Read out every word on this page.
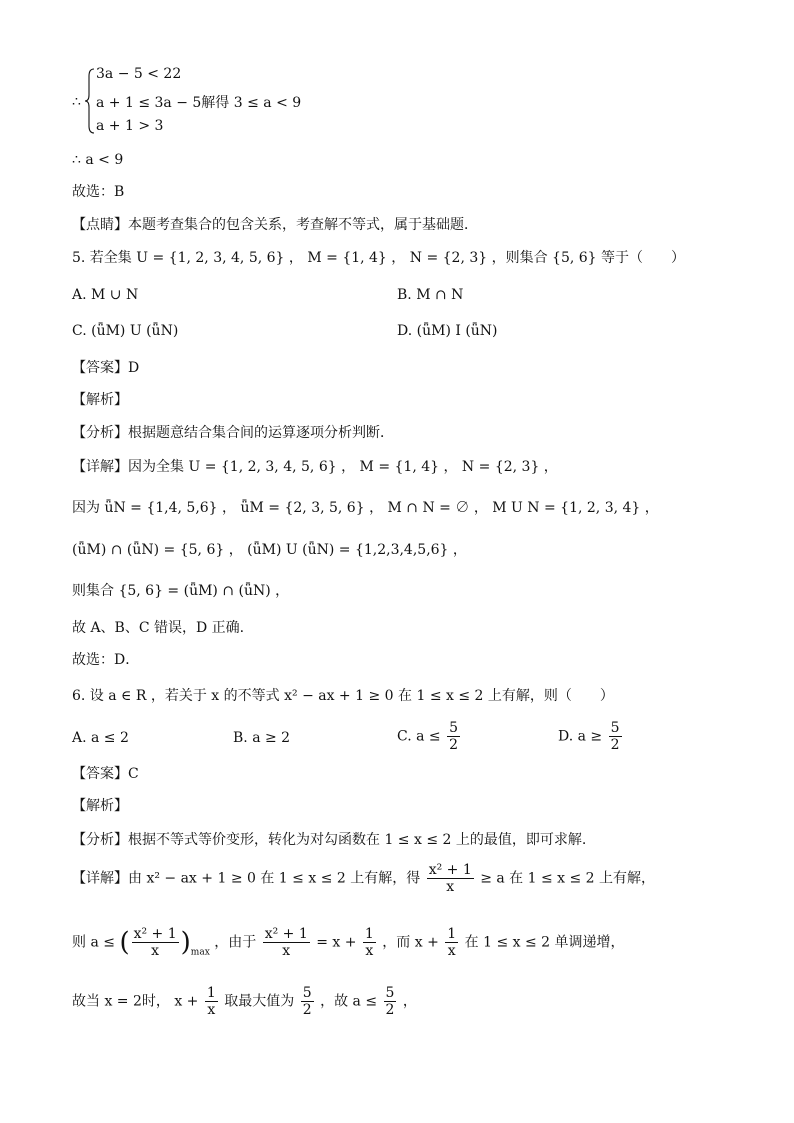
∴
3a − 5 < 22
a + 1 ≤ 3a − 5解得 3 ≤ a < 9
a + 1 > 3
∴ a < 9
故选：B
【点睛】本题考查集合的包含关系，考查解不等式，属于基础题．
5. 若全集 U = {1, 2, 3, 4, 5, 6} ， M = {1, 4} ， N = {2, 3} ，则集合 {5, 6} 等于（　　）
A. M ∪ N	B. M ∩ N
C. (ǖM) U (ǖN)	D. (ǖM) I (ǖN)
【答案】D
【解析】
【分析】根据题意结合集合间的运算逐项分析判断．
【详解】因为全集 U = {1, 2, 3, 4, 5, 6} ， M = {1, 4} ， N = {2, 3} ，
因为 ǖN = {1,4, 5,6} ， ǖM = {2, 3, 5, 6} ， M ∩ N = ∅ ， M U N = {1, 2, 3, 4} ，
(ǖM) ∩ (ǖN) = {5, 6} ， (ǖM) U (ǖN) = {1,2,3,4,5,6} ，
则集合 {5, 6} = (ǖM) ∩ (ǖN) ，
故 A、B、C 错误，D 正确.
故选：D．
6. 设 a ∈ R ，若关于 x 的不等式 x² − ax + 1 ≥ 0 在 1 ≤ x ≤ 2 上有解，则（　　）
A. a ≤ 2	B. a ≥ 2	C. $a \le \frac{5}{2}$	D. $a \ge \frac{5}{2}$
【答案】C
【解析】
【分析】根据不等式等价变形，转化为对勾函数在 1 ≤ x ≤ 2 上的最值，即可求解.
【详解】由 x² − ax + 1 ≥ 0 在 1 ≤ x ≤ 2 上有解，得 $\frac{\text{x² + 1}}{x} \ge a$ 在 1 ≤ x ≤ 2 上有解，
则 a ≤ ( $\frac{\text{x² + 1}}{x} )_{max}$ ，由于 $\frac{\text{x² + 1}}{x} = x + \frac{1}{x}$ ，而 $x + \frac{1}{x}$ 在 1 ≤ x ≤ 2 单调递增，
故当 x = 2时， $x + \frac{1}{x}$ 取最大值为 $\frac{5}{2}$ ，故 $a \le \frac{5}{2}$ ，
